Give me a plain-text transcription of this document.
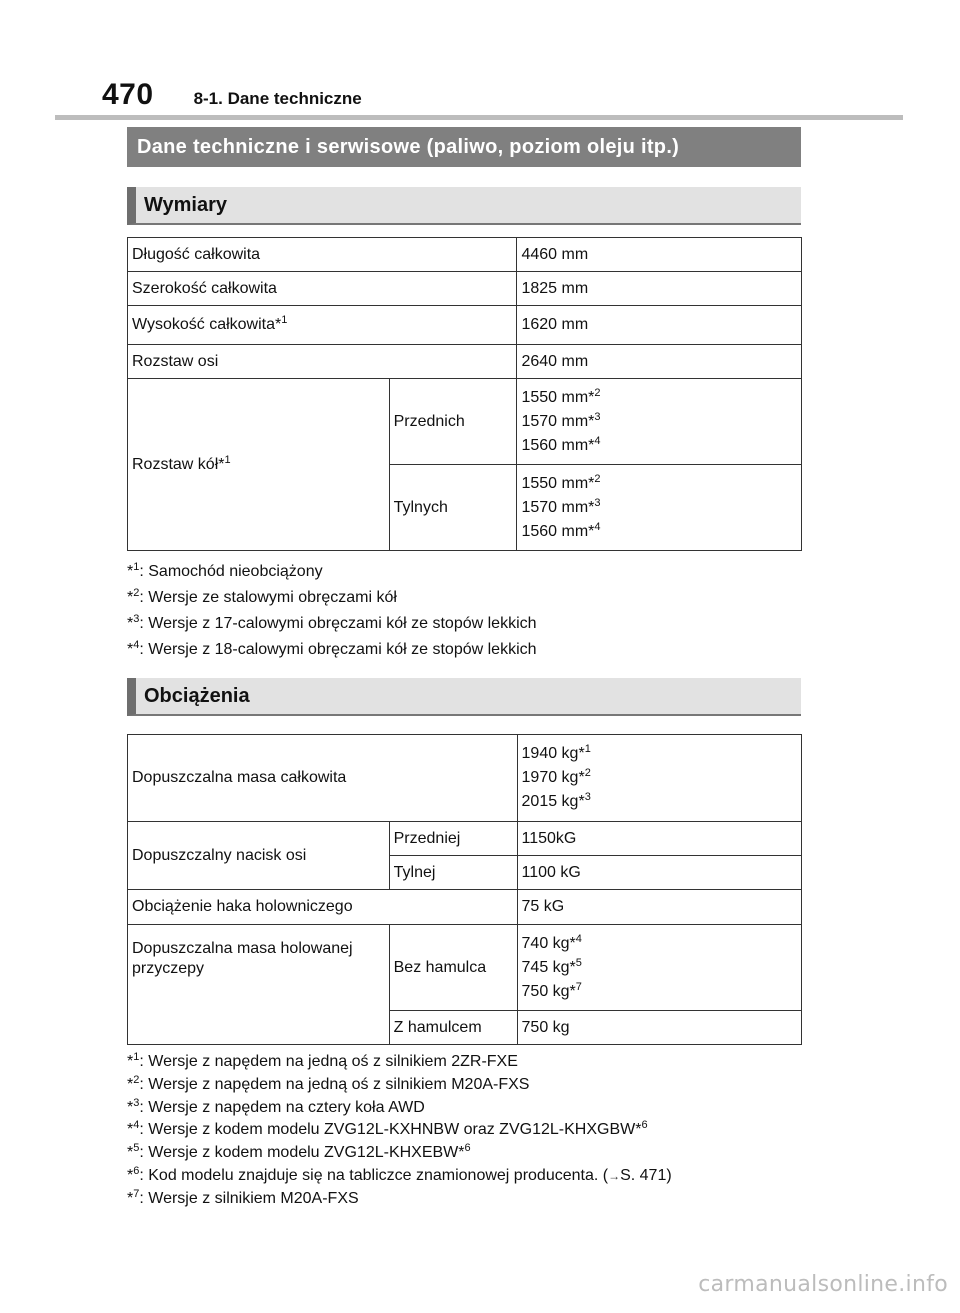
470 8-1. Dane techniczne
Dane techniczne i serwisowe (paliwo, poziom oleju itp.)
Wymiary
Długość całkowita		4460 mm
Szerokość całkowita		1825 mm
Wysokość całkowita*$^1$		1620 mm
Rozstaw osi		2640 mm
Rozstaw kół*$^1$	Przednich	1550 mm*$^2$
1570 mm*$^3$
1560 mm*$^4$

	Tylnych	1550 mm*$^2$
1570 mm*$^3$
1560 mm*$^4$
*$^1$: Samochód nieobciążony
*$^2$: Wersje ze stalowymi obręczami kół
*$^3$: Wersje z 17-calowymi obręczami kół ze stopów lekkich
*$^4$: Wersje z 18-calowymi obręczami kół ze stopów lekkich
Obciążenia
Dopuszczalna masa całkowita		1940 kg*$^1$
1970 kg*$^2$
2015 kg*$^3$

Dopuszczalny nacisk osi	Przedniej	1150kG
	Tylnej	1100 kG
Obciążenie haka holowniczego		75 kG
Dopuszczalna masa holowanej przyczepy	Bez hamulca	740 kg*$^4$
745 kg*$^5$
750 kg*$^7$

	Z hamulcem	750 kg
*$^1$: Wersje z napędem na jedną oś z silnikiem 2ZR-FXE
*$^2$: Wersje z napędem na jedną oś z silnikiem M20A-FXS
*$^3$: Wersje z napędem na cztery koła AWD
*$^4$: Wersje z kodem modelu ZVG12L-KXHNBW oraz ZVG12L-KHXGBW*$^6$
*$^5$: Wersje z kodem modelu ZVG12L-KHXEBW*$^6$
*$^6$: Kod modelu znajduje się na tabliczce znamionowej producenta. (→S. 471)
*$^7$: Wersje z silnikiem M20A-FXS
carmanualsonline.info
